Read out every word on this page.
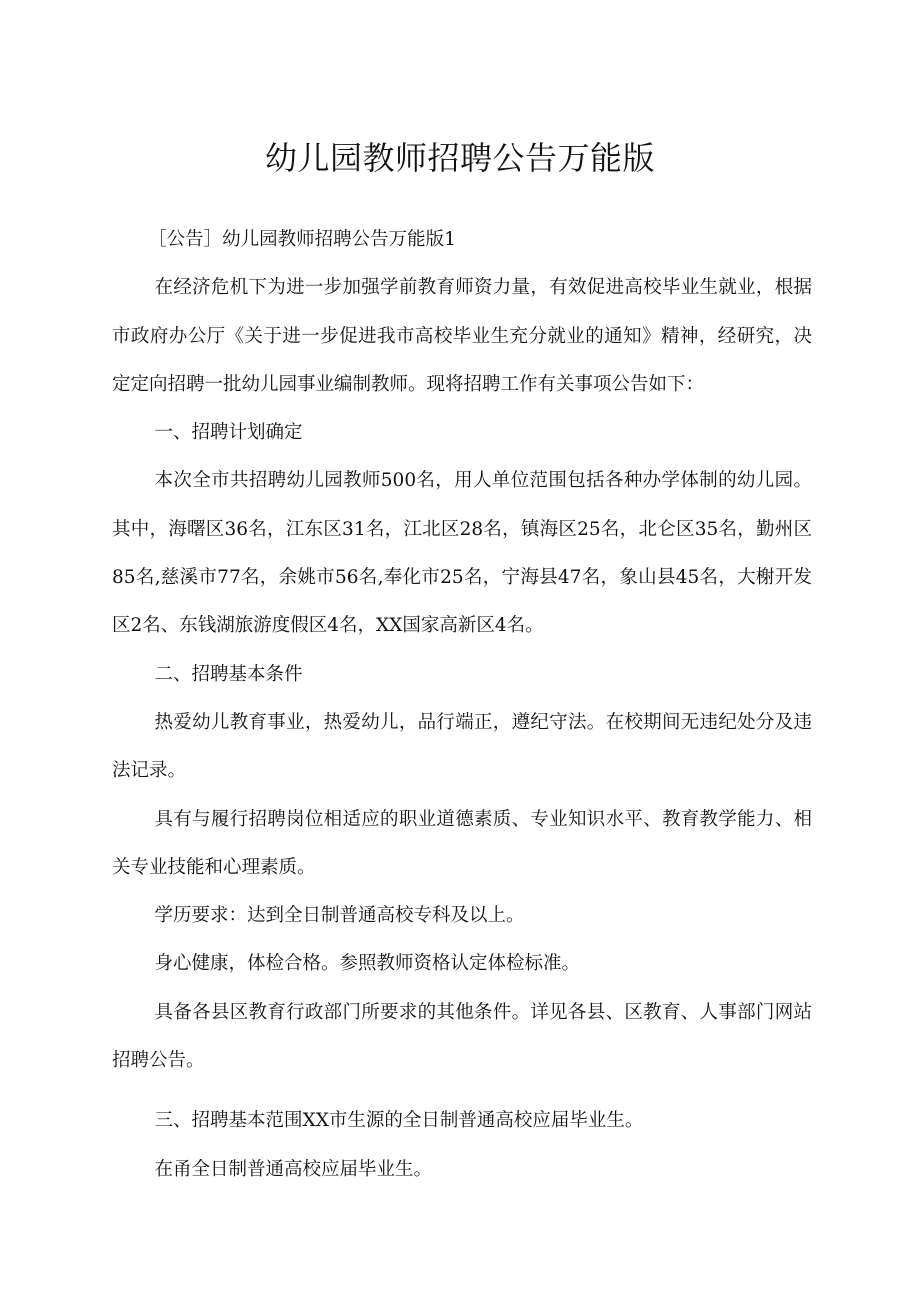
幼儿园教师招聘公告万能版

［公告］幼儿园教师招聘公告万能版1

在经济危机下为进一步加强学前教育师资力量，有效促进高校毕业生就业，根据市政府办公厅《关于进一步促进我市高校毕业生充分就业的通知》精神，经研究，决定定向招聘一批幼儿园事业编制教师。现将招聘工作有关事项公告如下：

一、招聘计划确定

本次全市共招聘幼儿园教师500名，用人单位范围包括各种办学体制的幼儿园。其中，海曙区36名，江东区31名，江北区28名，镇海区25名，北仑区35名，勤州区85名,慈溪市77名，余姚市56名,奉化市25名，宁海县47名，象山县45名，大榭开发区2名、东钱湖旅游度假区4名，XX国家高新区4名。

二、招聘基本条件

热爱幼儿教育事业，热爱幼儿，品行端正，遵纪守法。在校期间无违纪处分及违法记录。

具有与履行招聘岗位相适应的职业道德素质、专业知识水平、教育教学能力、相关专业技能和心理素质。

学历要求：达到全日制普通高校专科及以上。

身心健康，体检合格。参照教师资格认定体检标准。

具备各县区教育行政部门所要求的其他条件。详见各县、区教育、人事部门网站招聘公告。

三、招聘基本范围XX市生源的全日制普通高校应届毕业生。

在甬全日制普通高校应届毕业生。
